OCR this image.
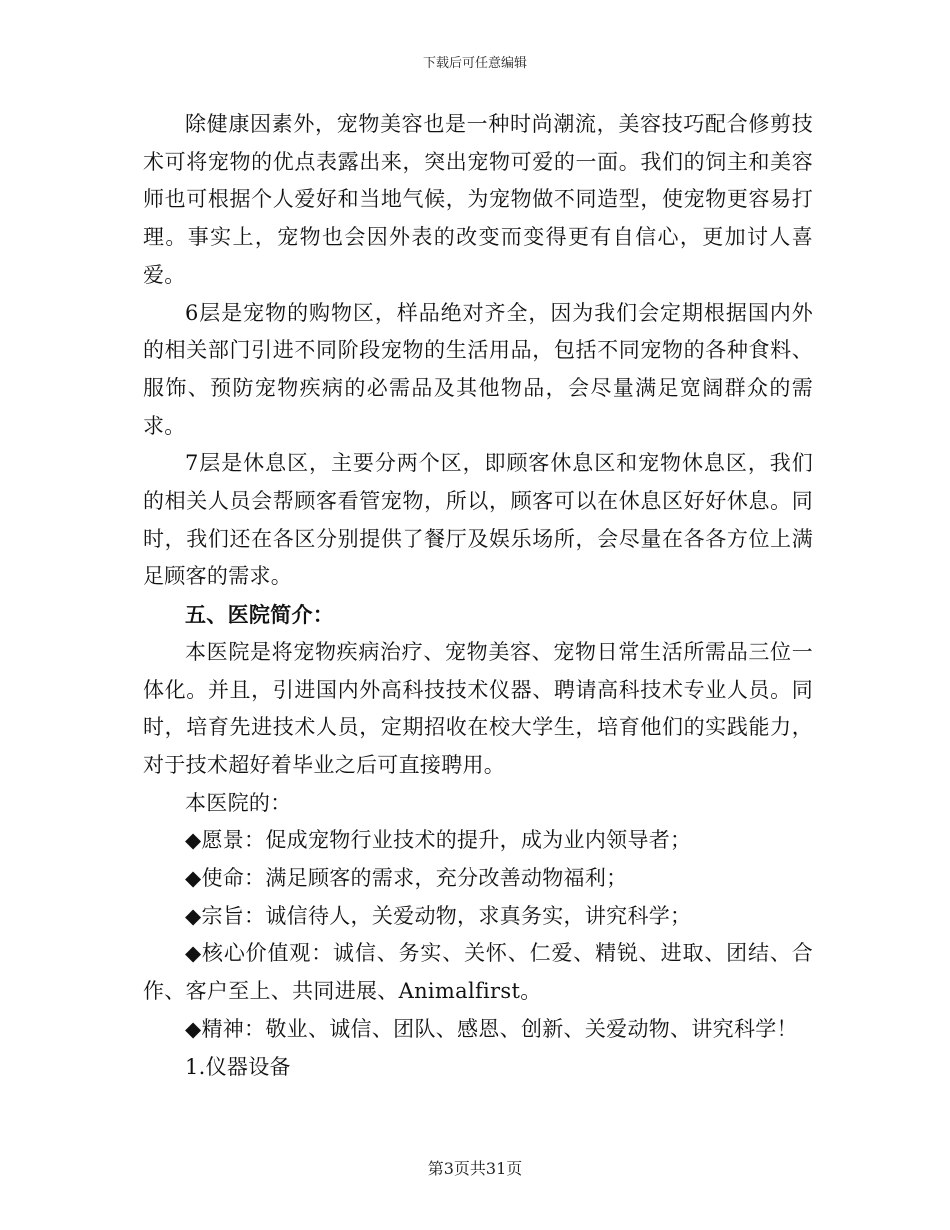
下载后可任意编辑

除健康因素外，宠物美容也是一种时尚潮流，美容技巧配合修剪技术可将宠物的优点表露出来，突出宠物可爱的一面。我们的饲主和美容师也可根据个人爱好和当地气候，为宠物做不同造型，使宠物更容易打理。事实上，宠物也会因外表的改变而变得更有自信心，更加讨人喜爱。

6层是宠物的购物区，样品绝对齐全，因为我们会定期根据国内外的相关部门引进不同阶段宠物的生活用品，包括不同宠物的各种食料、服饰、预防宠物疾病的必需品及其他物品，会尽量满足宽阔群众的需求。

7层是休息区，主要分两个区，即顾客休息区和宠物休息区，我们的相关人员会帮顾客看管宠物，所以，顾客可以在休息区好好休息。同时，我们还在各区分别提供了餐厅及娱乐场所，会尽量在各各方位上满足顾客的需求。

五、医院简介：

本医院是将宠物疾病治疗、宠物美容、宠物日常生活所需品三位一体化。并且，引进国内外高科技技术仪器、聘请高科技术专业人员。同时，培育先进技术人员，定期招收在校大学生，培育他们的实践能力，对于技术超好着毕业之后可直接聘用。

本医院的：

◆愿景：促成宠物行业技术的提升，成为业内领导者；

◆使命：满足顾客的需求，充分改善动物福利；

◆宗旨：诚信待人，关爱动物，求真务实，讲究科学；

◆核心价值观：诚信、务实、关怀、仁爱、精锐、进取、团结、合作、客户至上、共同进展、Animalfirst。

◆精神：敬业、诚信、团队、感恩、创新、关爱动物、讲究科学！

1.仪器设备

第3页共31页
